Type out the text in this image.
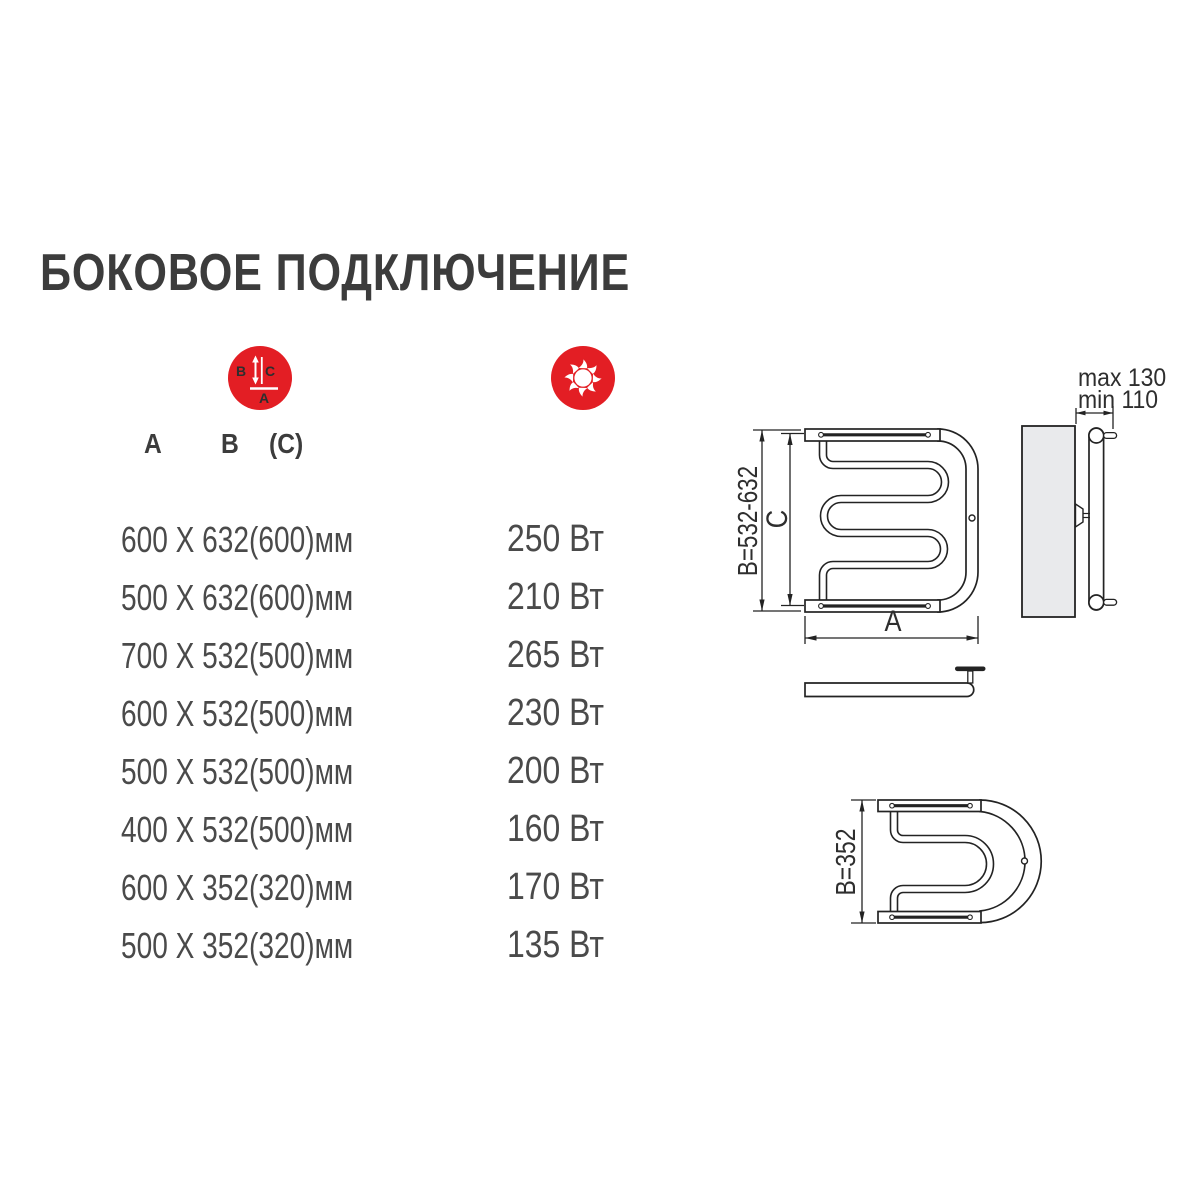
БОКОВОЕ ПОДКЛЮЧЕНИЕ
B C
A
A B (C)
600 X 632(600)мм	250 Вт
500 X 632(600)мм	210 Вт
700 X 532(500)мм	265 Вт
600 X 532(500)мм	230 Вт
500 X 532(500)мм	200 Вт
400 X 532(500)мм	160 Вт
600 X 352(320)мм	170 Вт
500 X 352(320)мм	135 Вт
B=532-632
C
A
max 130
min 110
B=352
